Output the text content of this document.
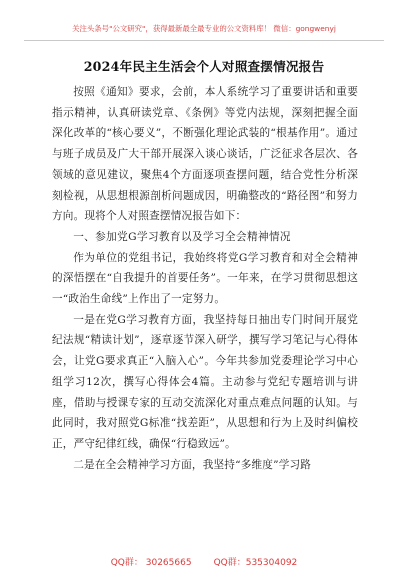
关注头条号"公文研究"，获得最新最全最专业的公文资料库！ 微信：gongwenyj
2024年民主生活会个人对照查摆情况报告

按照《通知》要求，会前，本人系统学习了重要讲话和重要指示精神，认真研读党章、《条例》等党内法规，深刻把握全面深化改革的“核心要义”，不断强化理论武装的“根基作用”。通过与班子成员及广大干部开展深入谈心谈话，广泛征求各层次、各领域的意见建议，聚焦4个方面逐项查摆问题，结合党性分析深刻检视，从思想根源剖析问题成因，明确整改的“路径图”和努力方向。现将个人对照查摆情况报告如下：

一、参加党G学习教育以及学习全会精神情况

作为单位的党组书记，我始终将党G学习教育和对全会精神的深悟摆在“自我提升的首要任务”。一年来，在学习贯彻思想这一“政治生命线”上作出了一定努力。

一是在党G学习教育方面，我坚持每日抽出专门时间开展党纪法规“精读计划”，逐章逐节深入研学，撰写学习笔记与心得体会，让党G要求真正“入脑入心”。今年共参加党委理论学习中心组学习12次，撰写心得体会4篇。主动参与党纪专题培训与讲座，借助与授课专家的互动交流深化对重点难点问题的认知。与此同时，我对照党G标准“找差距”，从思想和行为上及时纠偏校正，严守纪律红线，确保“行稳致远”。

二是在全会精神学习方面，我坚持“多维度”学习路

QQ群： 30265665 QQ群：535304092
